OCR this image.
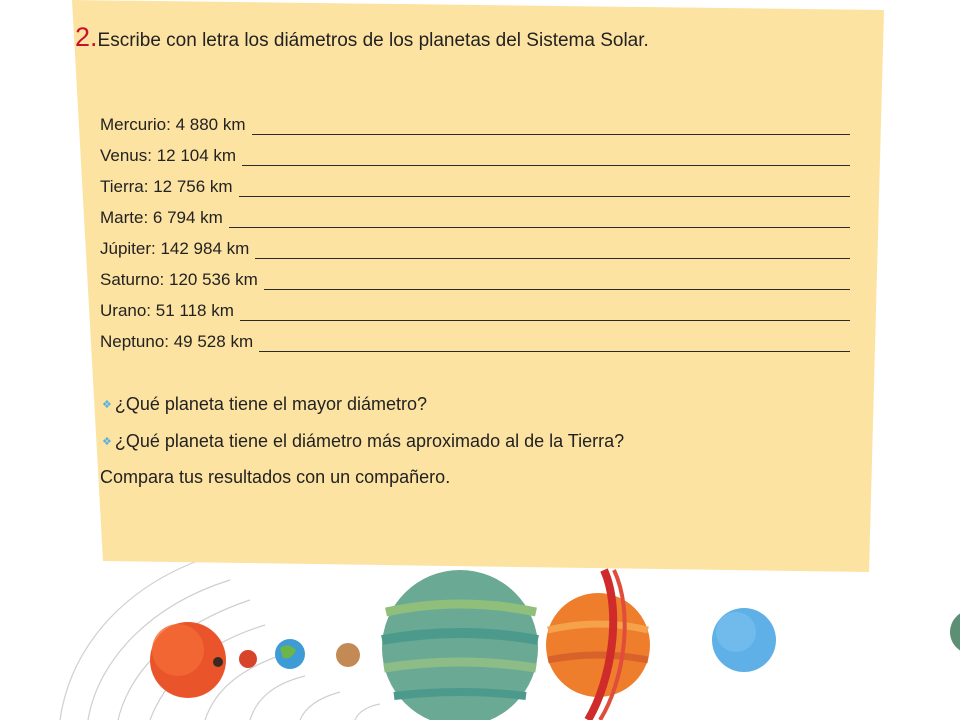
2.Escribe con letra los diámetros de los planetas del Sistema Solar.
Mercurio: 4 880 km
Venus: 12 104 km
Tierra: 12 756 km
Marte: 6 794 km
Júpiter: 142 984 km
Saturno: 120 536 km
Urano: 51 118 km
Neptuno: 49 528 km
❖ ¿Qué planeta tiene el mayor diámetro?
❖ ¿Qué planeta tiene el diámetro más aproximado al de la Tierra?
Compara tus resultados con un compañero.
